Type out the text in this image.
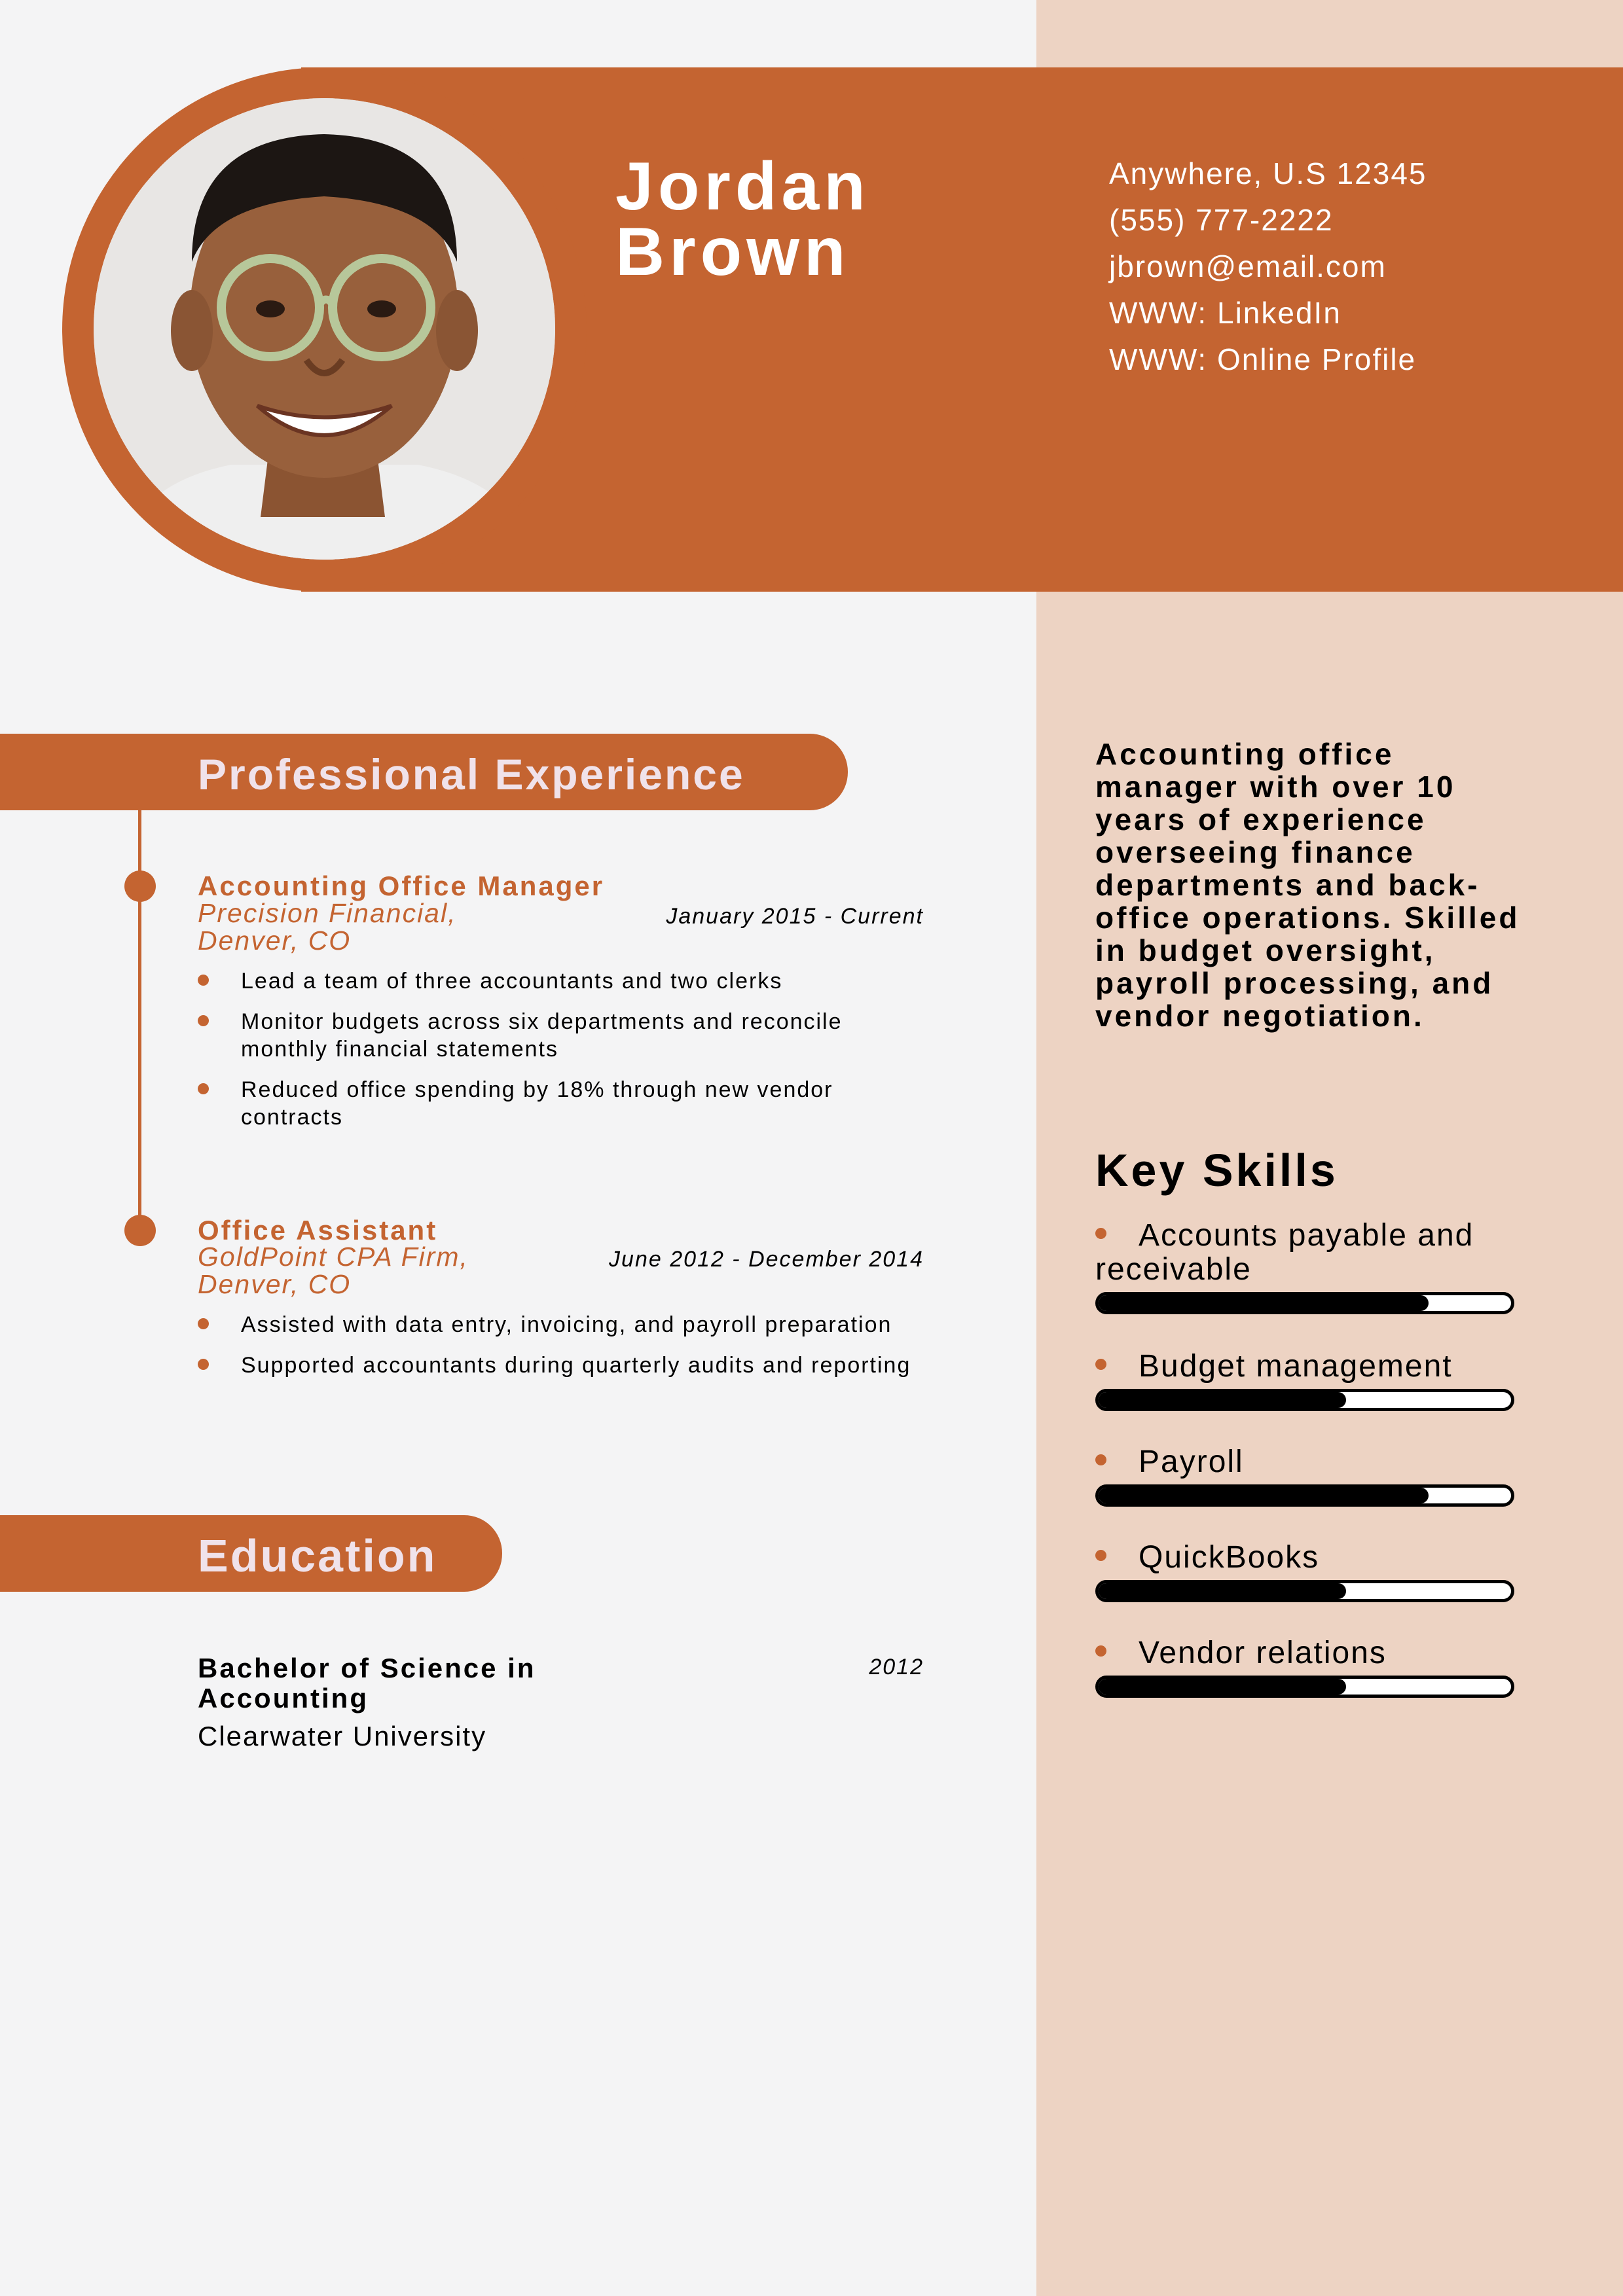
Jordan
Brown
Anywhere, U.S 12345
(555) 777-2222
jbrown@email.com
WWW: LinkedIn
WWW: Online Profile
Professional Experience
Accounting Office Manager
Precision Financial, Denver, CO
January 2015 - Current
Lead a team of three accountants and two clerks
Monitor budgets across six departments and reconcile monthly financial statements
Reduced office spending by 18% through new vendor contracts
Office Assistant
GoldPoint CPA Firm, Denver, CO
June 2012 - December 2014
Assisted with data entry, invoicing, and payroll preparation
Supported accountants during quarterly audits and reporting
Education
Bachelor of Science in Accounting
2012
Clearwater University
Accounting office manager with over 10 years of experience overseeing finance departments and back-office operations. Skilled in budget oversight, payroll processing, and vendor negotiation.
Key Skills
Accounts payable and receivable
Budget management
Payroll
QuickBooks
Vendor relations
